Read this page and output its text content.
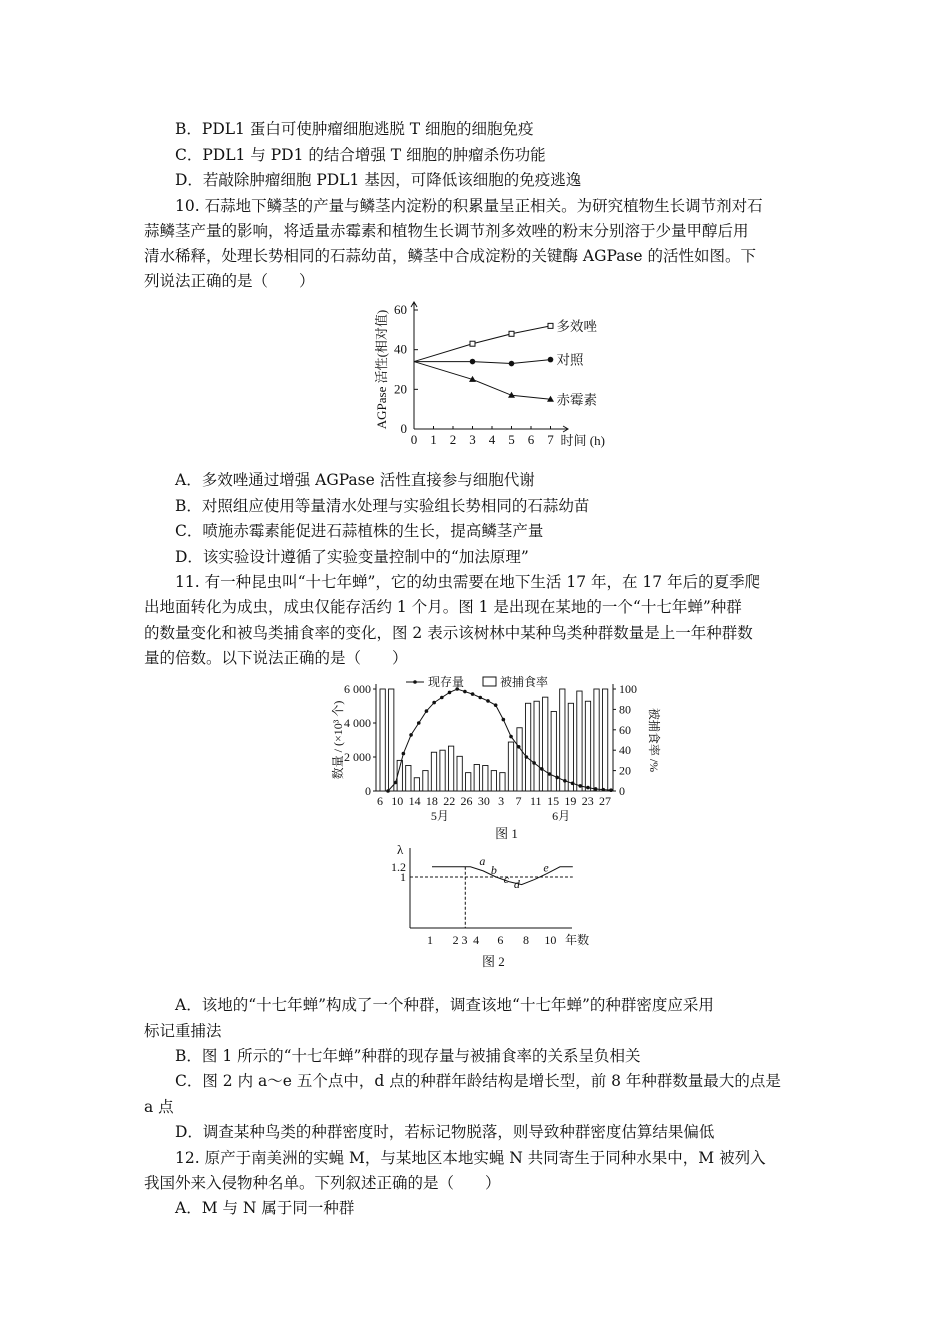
B．PDL1 蛋白可使肿瘤细胞逃脱 T 细胞的细胞免疫
C．PDL1 与 PD1 的结合增强 T 细胞的肿瘤杀伤功能
D．若敲除肿瘤细胞 PDL1 基因，可降低该细胞的免疫逃逸
10. 石蒜地下鳞茎的产量与鳞茎内淀粉的积累量呈正相关。为研究植物生长调节剂对石
蒜鳞茎产量的影响，将适量赤霉素和植物生长调节剂多效唑的粉末分别溶于少量甲醇后用
清水稀释，处理长势相同的石蒜幼苗，鳞茎中合成淀粉的关键酶 AGPase 的活性如图。下
列说法正确的是（　　）
0
20
40
60
0 1 2 3 4 5 6 7 时间 (h)
AGPase 活性(相对值)	多效唑
对照
赤霉素
A．多效唑通过增强 AGPase 活性直接参与细胞代谢
B．对照组应使用等量清水处理与实验组长势相同的石蒜幼苗
C．喷施赤霉素能促进石蒜植株的生长，提高鳞茎产量
D．该实验设计遵循了实验变量控制中的“加法原理”
11. 有一种昆虫叫“十七年蝉”，它的幼虫需要在地下生活 17 年，在 17 年后的夏季爬
出地面转化为成虫，成虫仅能存活约 1 个月。图 1 是出现在某地的一个“十七年蝉”种群
的数量变化和被鸟类捕食率的变化，图 2 表示该树林中某种鸟类种群数量是上一年种群数
量的倍数。以下说法正确的是（　　）
0
2 000
4 000
6 000
0
20
40
60
80
100
6 10 14 18 22 26 30 3 7 11 15 19 23 27
5月	6月
图 1
现存量	被捕食率
数量 / (×10³ 个)	被捕食率 /%
λ
1
1.2	a
b
c d
e
1 2 3 4 6 8 10 年数
图 2
A．该地的“十七年蝉”构成了一个种群，调查该地“十七年蝉”的种群密度应采用
标记重捕法
B．图 1 所示的“十七年蝉”种群的现存量与被捕食率的关系呈负相关
C．图 2 内 a～e 五个点中，d 点的种群年龄结构是增长型，前 8 年种群数量最大的点是
a 点
D．调查某种鸟类的种群密度时，若标记物脱落，则导致种群密度估算结果偏低
12. 原产于南美洲的实蝇 M，与某地区本地实蝇 N 共同寄生于同种水果中，M 被列入
我国外来入侵物种名单。下列叙述正确的是（　　）
A．M 与 N 属于同一种群
